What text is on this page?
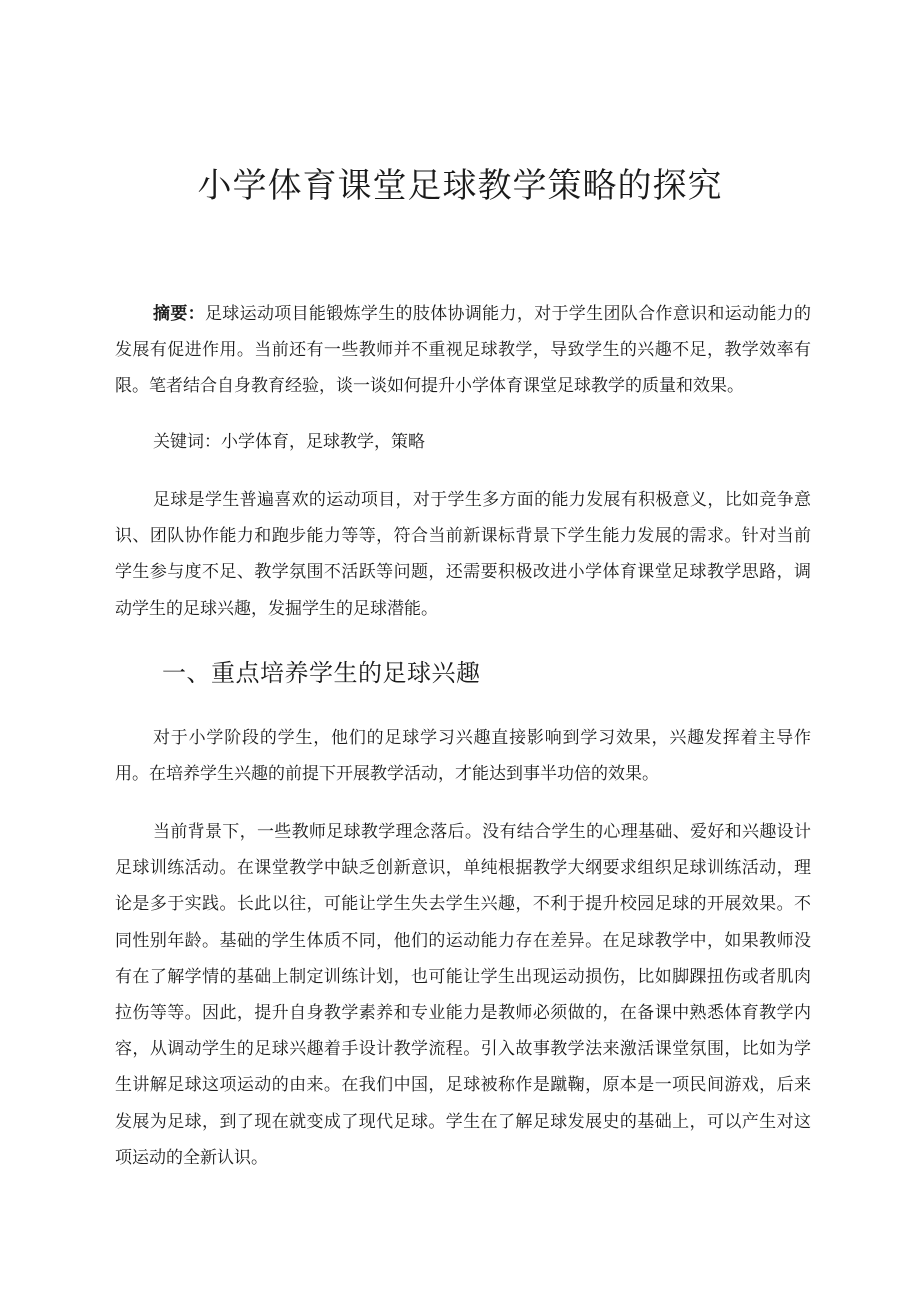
小学体育课堂足球教学策略的探究

摘要：足球运动项目能锻炼学生的肢体协调能力，对于学生团队合作意识和运动能力的发展有促进作用。当前还有一些教师并不重视足球教学，导致学生的兴趣不足，教学效率有限。笔者结合自身教育经验，谈一谈如何提升小学体育课堂足球教学的质量和效果。

关键词：小学体育，足球教学，策略

足球是学生普遍喜欢的运动项目，对于学生多方面的能力发展有积极意义，比如竞争意识、团队协作能力和跑步能力等等，符合当前新课标背景下学生能力发展的需求。针对当前学生参与度不足、教学氛围不活跃等问题，还需要积极改进小学体育课堂足球教学思路，调动学生的足球兴趣，发掘学生的足球潜能。

一、重点培养学生的足球兴趣

对于小学阶段的学生，他们的足球学习兴趣直接影响到学习效果，兴趣发挥着主导作用。在培养学生兴趣的前提下开展教学活动，才能达到事半功倍的效果。

当前背景下，一些教师足球教学理念落后。没有结合学生的心理基础、爱好和兴趣设计足球训练活动。在课堂教学中缺乏创新意识，单纯根据教学大纲要求组织足球训练活动，理论是多于实践。长此以往，可能让学生失去学生兴趣，不利于提升校园足球的开展效果。不同性别年龄。基础的学生体质不同，他们的运动能力存在差异。在足球教学中，如果教师没有在了解学情的基础上制定训练计划，也可能让学生出现运动损伤，比如脚踝扭伤或者肌肉拉伤等等。因此，提升自身教学素养和专业能力是教师必须做的，在备课中熟悉体育教学内容，从调动学生的足球兴趣着手设计教学流程。引入故事教学法来激活课堂氛围，比如为学生讲解足球这项运动的由来。在我们中国，足球被称作是蹴鞠，原本是一项民间游戏，后来发展为足球，到了现在就变成了现代足球。学生在了解足球发展史的基础上，可以产生对这项运动的全新认识。
